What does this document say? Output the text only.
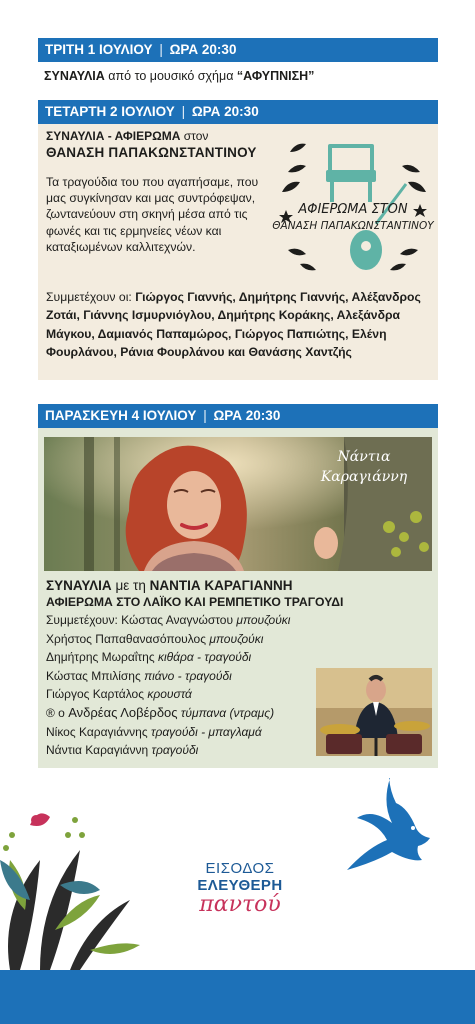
ΤΡΙΤΗ 1 ΙΟΥΛΙΟΥ | ΩΡΑ 20:30
ΣΥΝΑΥΛΙΑ από το μουσικό σχήμα “ΑΦΥΠΝΙΣΗ”
ΤΕΤΑΡΤΗ 2 ΙΟΥΛΙΟΥ | ΩΡΑ 20:30
ΣΥΝΑΥΛΙΑ - ΑΦΙΕΡΩΜΑ στον
ΘΑΝΑΣΗ ΠΑΠΑΚΩΝΣΤΑΝΤΙΝΟΥ
Τα τραγούδια του που αγαπήσαμε, που μας συγκίνησαν και μας συντρόφεψαν, ζωντανεύουν στη σκηνή μέσα από τις φωνές και τις ερμηνείες νέων και καταξιωμένων καλλιτεχνών.
Συμμετέχουν οι: Γιώργος Γιαννής, Δημήτρης Γιαννής, Αλέξανδρος Ζοτάι, Γιάννης Ισμυρνιόγλου, Δημήτρης Κοράκης, Αλεξάνδρα Μάγκου, Δαμιανός Παπαμώρος, Γιώργος Παπιώτης, Ελένη Φουρλάνου, Ράνια Φουρλάνου και Θανάσης Χαντζής
ΑΦΙΕΡΩΜΑ ΣΤΟΝ
ΘΑΝΑΣΗ ΠΑΠΑΚΩΝΣΤΑΝΤΙΝΟΥ
ΠΑΡΑΣΚΕΥΗ 4 ΙΟΥΛΙΟΥ | ΩΡΑ 20:30
Νάντια
Καραγιάννη
ΣΥΝΑΥΛΙΑ με τη ΝΑΝΤΙΑ ΚΑΡΑΓΙΑΝΝΗ
ΑΦΙΕΡΩΜΑ ΣΤΟ ΛΑΪΚΟ ΚΑΙ ΡΕΜΠΕΤΙΚΟ ΤΡΑΓΟΥΔΙ
Συμμετέχουν: Κώστας Αναγνώστου μπουζούκι
Χρήστος Παπαθανασόπουλος μπουζούκι
Δημήτρης Μωραΐτης κιθάρα - τραγούδι
Κώστας Μπιλίσης πιάνο - τραγούδι
Γιώργος Καρτάλος κρουστά
® ο Ανδρέας Λοβέρδος τύμπανα (ντραμς)
Νίκος Καραγιάννης τραγούδι - μπαγλαμά
Νάντια Καραγιάννη τραγούδι
ΕΙΣΟΔΟΣ
ΕΛΕΥΘΕΡΗ
παντού
